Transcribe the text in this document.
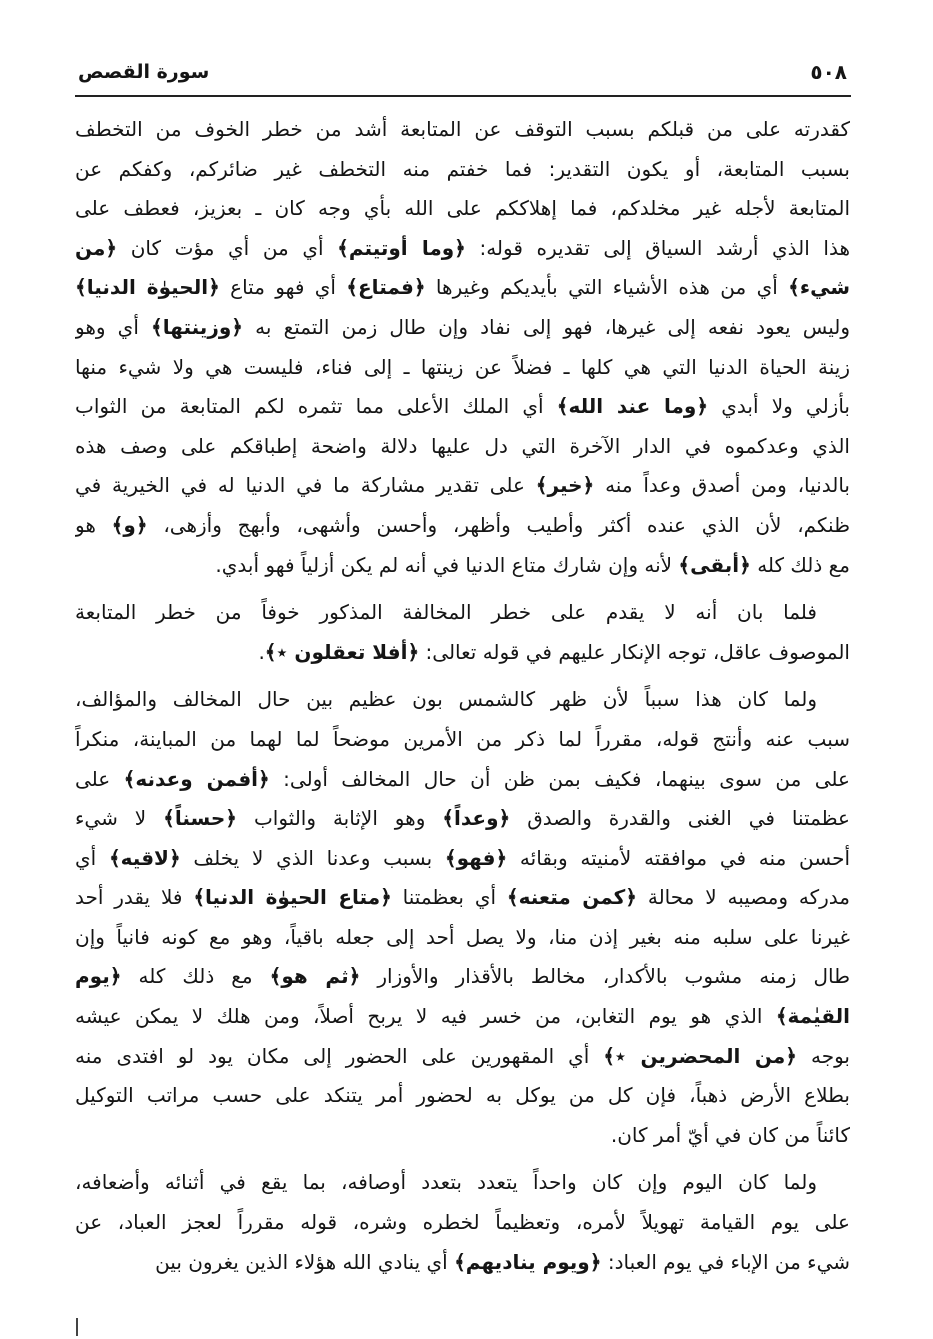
٥٠٨
سورة القصص
كقدرته على من قبلكم بسبب التوقف عن المتابعة أشد من خطر الخوف من التخطف
بسبب المتابعة، أو يكون التقدير: فما خفتم منه التخطف غير ضائركم، وكفكم عن
المتابعة لأجله غير مخلدكم، فما إهلاككم على الله بأي وجه كان ـ بعزيز، فعطف على
هذا الذي أرشد السياق إلى تقديره قوله: ﴿وما أوتيتم﴾ أي من أي مؤت كان ﴿من
شيء﴾ أي من هذه الأشياء التي بأيديكم وغيرها ﴿فمتاع﴾ أي فهو متاع ﴿الحيوٰة الدنيا﴾
وليس يعود نفعه إلى غيرها، فهو إلى نفاد وإن طال زمن التمتع به ﴿وزينتها﴾ أي وهو
زينة الحياة الدنيا التي هي كلها ـ فضلاً عن زينتها ـ إلى فناء، فليست هي ولا شيء منها
بأزلي ولا أبدي ﴿وما عند الله﴾ أي الملك الأعلى مما تثمره لكم المتابعة من الثواب
الذي وعدكموه في الدار الآخرة التي دل عليها دلالة واضحة إطباقكم على وصف هذه
بالدنيا، ومن أصدق وعداً منه ﴿خير﴾ على تقدير مشاركة ما في الدنيا له في الخيرية في
ظنكم، لأن الذي عنده أكثر وأطيب وأظهر، وأحسن وأشهى، وأبهج وأزهى، ﴿و﴾ هو
مع ذلك كله ﴿أبقى﴾ لأنه وإن شارك متاع الدنيا في أنه لم يكن أزلياً فهو أبدي.
فلما بان أنه لا يقدم على خطر المخالفة المذكور خوفاً من خطر المتابعة
الموصوف عاقل، توجه الإنكار عليهم في قوله تعالى: ﴿أفلا تعقلون ٭﴾.
ولما كان هذا سبباً لأن ظهر كالشمس بون عظيم بين حال المخالف والمؤالف،
سبب عنه وأنتج قوله، مقرراً لما ذكر من الأمرين موضحاً لما لهما من المباينة، منكراً
على من سوى بينهما، فكيف بمن ظن أن حال المخالف أولى: ﴿أفمن وعدنه﴾ على
عظمتنا في الغنى والقدرة والصدق ﴿وعداً﴾ وهو الإثابة والثواب ﴿حسناً﴾ لا شيء
أحسن منه في موافقته لأمنيته وبقائه ﴿فهو﴾ بسبب وعدنا الذي لا يخلف ﴿لاقيه﴾ أي
مدركه ومصيبه لا محالة ﴿كمن متعنه﴾ أي بعظمتنا ﴿متاع الحيوٰة الدنيا﴾ فلا يقدر أحد
غيرنا على سلبه منه بغير إذن منا، ولا يصل أحد إلى جعله باقياً، وهو مع كونه فانياً وإن
طال زمنه مشوب بالأكدار، مخالط بالأقذار والأوزار ﴿ثم هو﴾ مع ذلك كله ﴿يوم
القيٰمة﴾ الذي هو يوم التغابن، من خسر فيه لا يربح أصلاً، ومن هلك لا يمكن عيشه
بوجه ﴿من المحضرين ٭﴾ أي المقهورين على الحضور إلى مكان يود لو افتدى منه
بطلاع الأرض ذهباً، فإن كل من يوكل به لحضور أمر يتنكد على حسب مراتب التوكيل
كائناً من كان في أيّ أمر كان.
ولما كان اليوم وإن كان واحداً يتعدد بتعدد أوصافه، بما يقع في أثنائه وأضعافه،
على يوم القيامة تهويلاً لأمره، وتعظيماً لخطره وشره، قوله مقرراً لعجز العباد، عن
شيء من الإباء في يوم العباد: ﴿ويوم يناديهم﴾ أي ينادي الله هؤلاء الذين يغرون بين
